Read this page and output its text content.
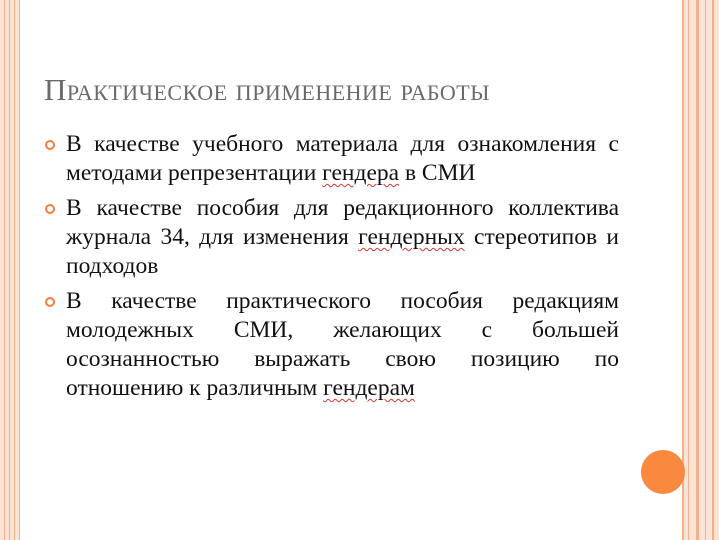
Практическое применение работы
В качестве учебного материала для ознакомления с методами репрезентации гендера в СМИ
В качестве пособия для редакционного коллектива журнала 34, для изменения гендерных стереотипов и подходов
В качестве практического пособия редакциям молодежных СМИ, желающих с большей осознанностью выражать свою позицию по отношению к различным гендерам
